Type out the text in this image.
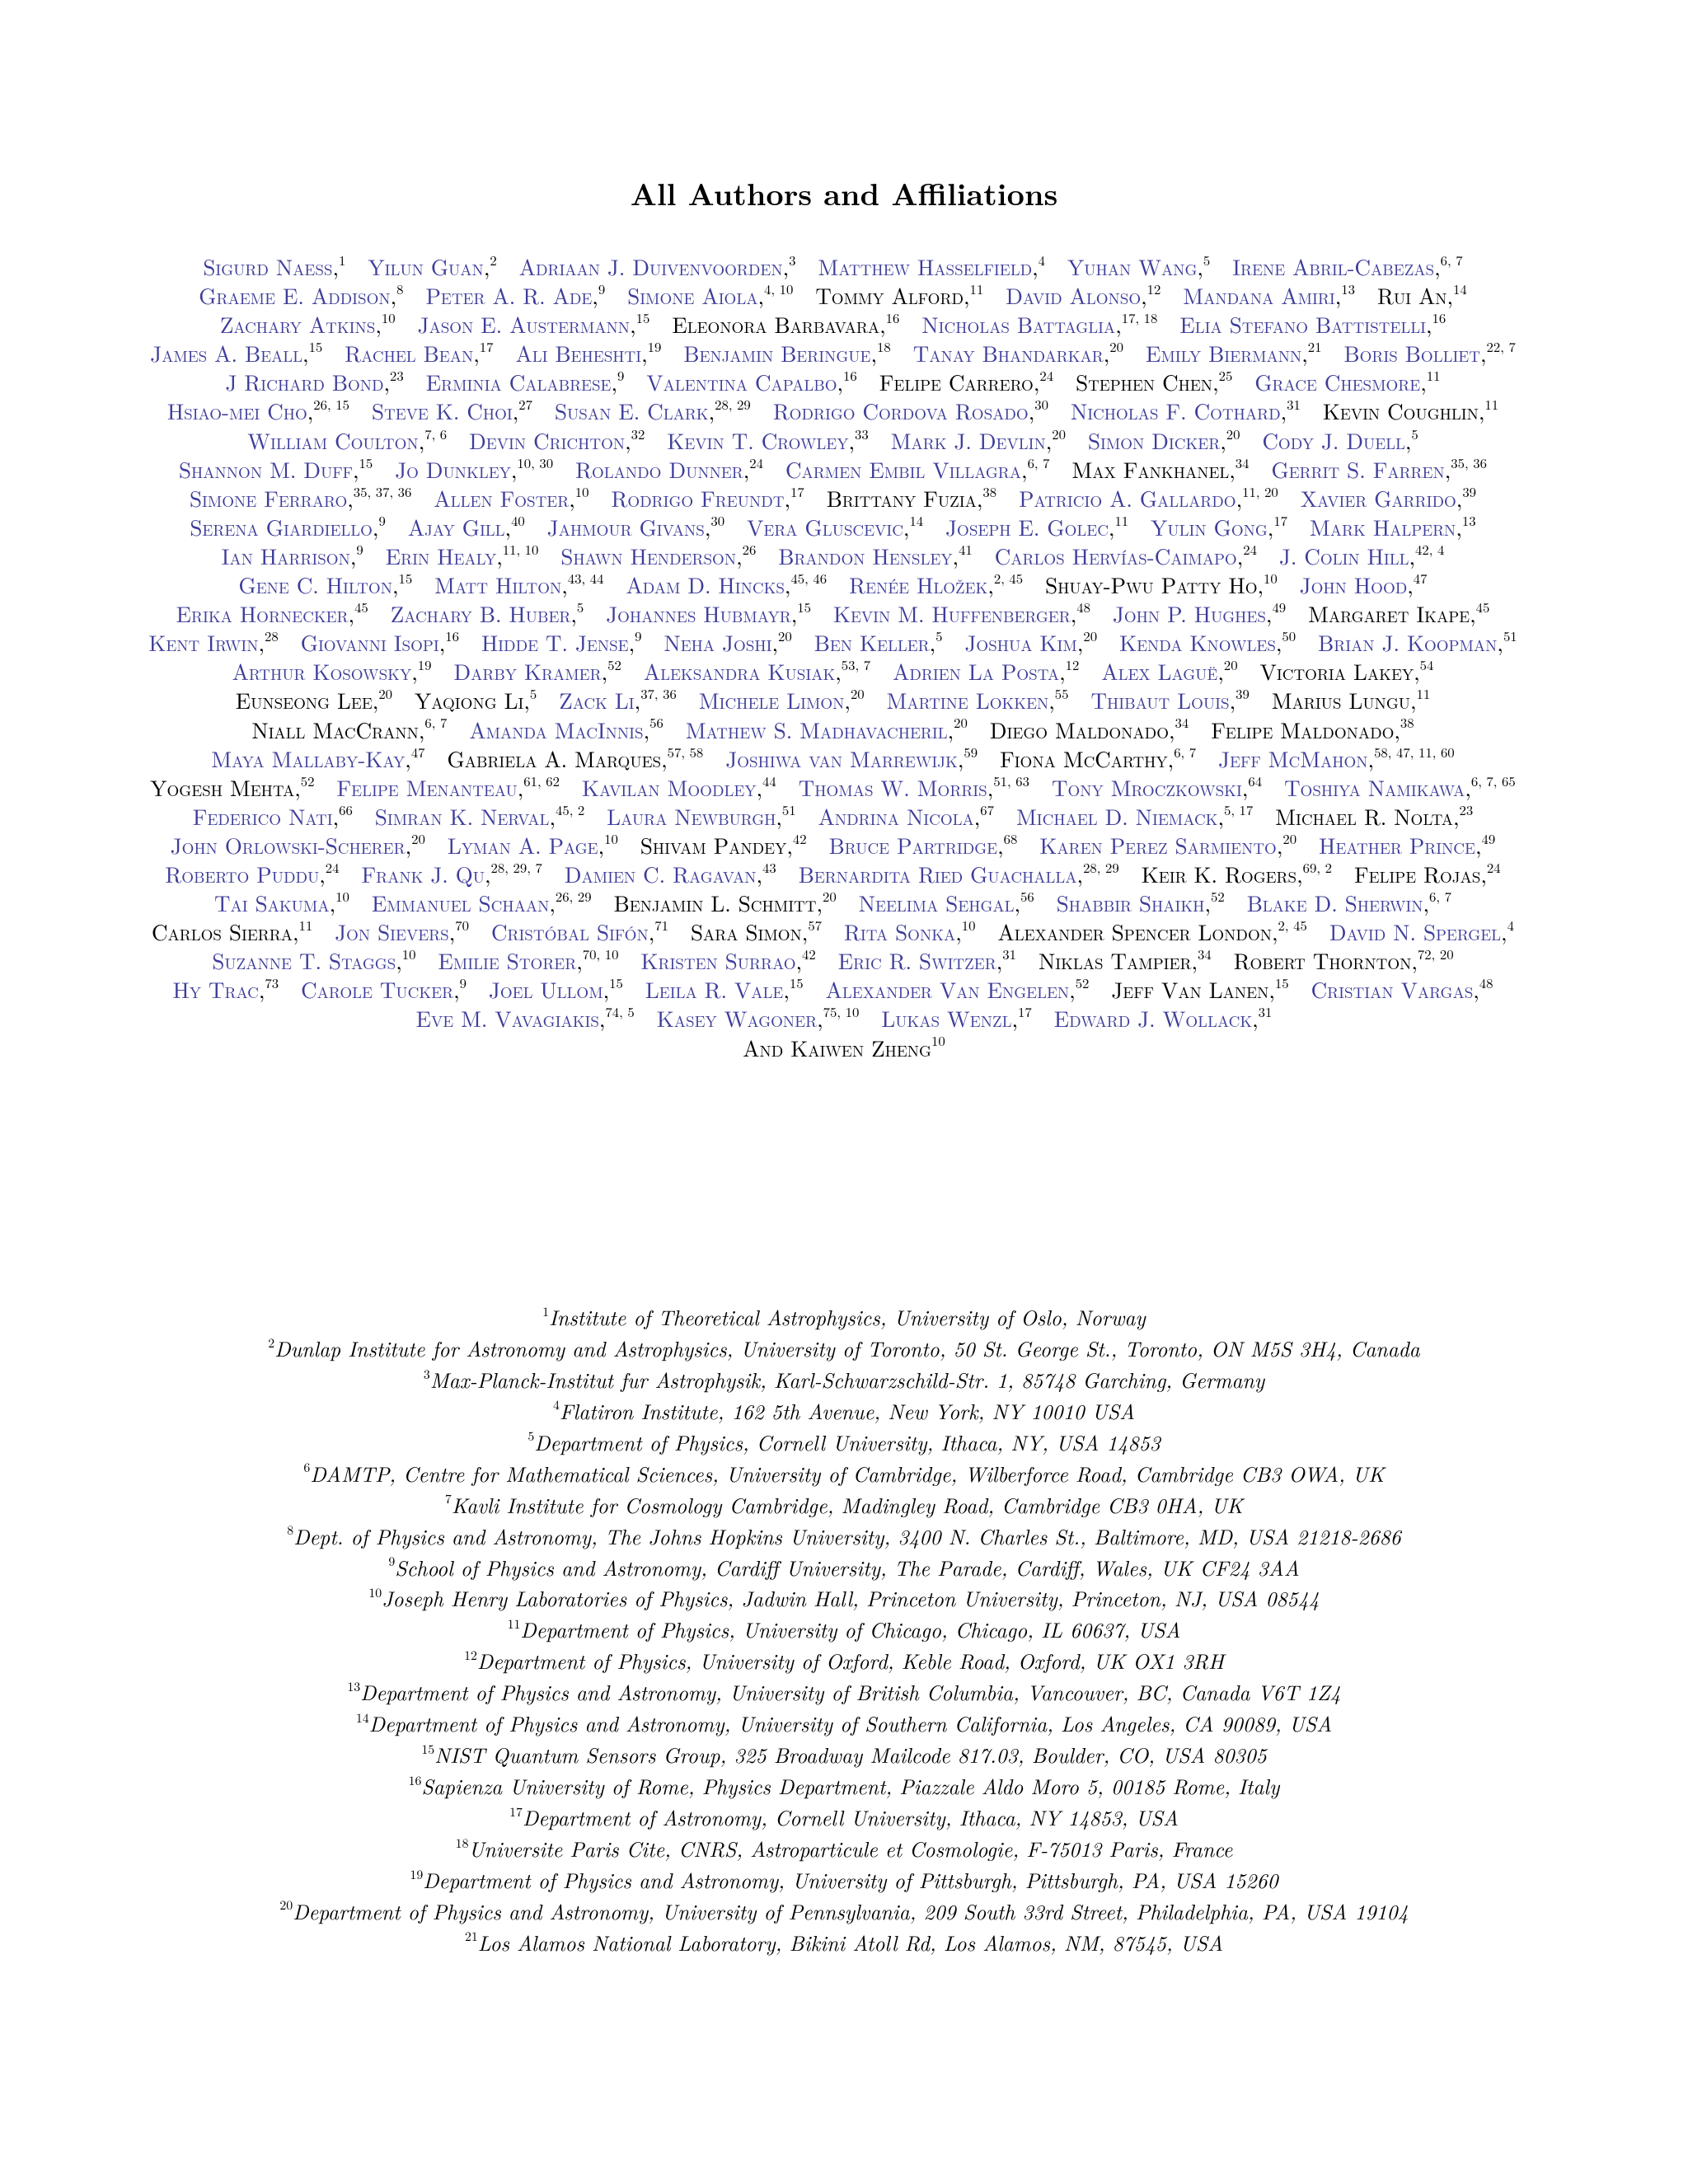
All Authors and Affiliations
Sigurd Naess,$^1$  Yilun Guan,$^2$  Adriaan J. Duivenvoorden,$^3$  Matthew Hasselfield,$^4$  Yuhan Wang,$^5$  Irene Abril-Cabezas,$^{6, 7}$ Graeme E. Addison,$^8$  Peter A. R. Ade,$^9$  Simone Aiola,$^{4, 10}$  Tommy Alford,$^{11}$  David Alonso,$^{12}$  Mandana Amiri,$^{13}$  Rui An,$^{14}$ Zachary Atkins,$^{10}$  Jason E. Austermann,$^{15}$  Eleonora Barbavara,$^{16}$  Nicholas Battaglia,$^{17, 18}$  Elia Stefano Battistelli,$^{16}$ James A. Beall,$^{15}$  Rachel Bean,$^{17}$  Ali Beheshti,$^{19}$  Benjamin Beringue,$^{18}$  Tanay Bhandarkar,$^{20}$  Emily Biermann,$^{21}$  Boris Bolliet,$^{22, 7}$ J Richard Bond,$^{23}$  Erminia Calabrese,$^9$  Valentina Capalbo,$^{16}$  Felipe Carrero,$^{24}$  Stephen Chen,$^{25}$  Grace Chesmore,$^{11}$ Hsiao-mei Cho,$^{26, 15}$  Steve K. Choi,$^{27}$  Susan E. Clark,$^{28, 29}$  Rodrigo Cordova Rosado,$^{30}$  Nicholas F. Cothard,$^{31}$  Kevin Coughlin,$^{11}$ William Coulton,$^{7, 6}$  Devin Crichton,$^{32}$  Kevin T. Crowley,$^{33}$  Mark J. Devlin,$^{20}$  Simon Dicker,$^{20}$  Cody J. Duell,$^5$ Shannon M. Duff,$^{15}$  Jo Dunkley,$^{10, 30}$  Rolando Dunner,$^{24}$  Carmen Embil Villagra,$^{6, 7}$  Max Fankhanel,$^{34}$  Gerrit S. Farren,$^{35, 36}$ Simone Ferraro,$^{35, 37, 36}$  Allen Foster,$^{10}$  Rodrigo Freundt,$^{17}$  Brittany Fuzia,$^{38}$  Patricio A. Gallardo,$^{11, 20}$  Xavier Garrido,$^{39}$ Serena Giardiello,$^9$  Ajay Gill,$^{40}$  Jahmour Givans,$^{30}$  Vera Gluscevic,$^{14}$  Joseph E. Golec,$^{11}$  Yulin Gong,$^{17}$  Mark Halpern,$^{13}$ Ian Harrison,$^9$  Erin Healy,$^{11, 10}$  Shawn Henderson,$^{26}$  Brandon Hensley,$^{41}$  Carlos Hervías-Caimapo,$^{24}$  J. Colin Hill,$^{42, 4}$ Gene C. Hilton,$^{15}$  Matt Hilton,$^{43, 44}$  Adam D. Hincks,$^{45, 46}$  Renée Hložek,$^{2, 45}$  Shuay-Pwu Patty Ho,$^{10}$  John Hood,$^{47}$ Erika Hornecker,$^{45}$  Zachary B. Huber,$^5$  Johannes Hubmayr,$^{15}$  Kevin M. Huffenberger,$^{48}$  John P. Hughes,$^{49}$  Margaret Ikape,$^{45}$ Kent Irwin,$^{28}$  Giovanni Isopi,$^{16}$  Hidde T. Jense,$^9$  Neha Joshi,$^{20}$  Ben Keller,$^5$  Joshua Kim,$^{20}$  Kenda Knowles,$^{50}$  Brian J. Koopman,$^{51}$ Arthur Kosowsky,$^{19}$  Darby Kramer,$^{52}$  Aleksandra Kusiak,$^{53, 7}$  Adrien La Posta,$^{12}$  Alex Laguë,$^{20}$  Victoria Lakey,$^{54}$ Eunseong Lee,$^{20}$  Yaqiong Li,$^5$  Zack Li,$^{37, 36}$  Michele Limon,$^{20}$  Martine Lokken,$^{55}$  Thibaut Louis,$^{39}$  Marius Lungu,$^{11}$ Niall MacCrann,$^{6, 7}$  Amanda MacInnis,$^{56}$  Mathew S. Madhavacheril,$^{20}$  Diego Maldonado,$^{34}$  Felipe Maldonado,$^{38}$ Maya Mallaby-Kay,$^{47}$  Gabriela A. Marques,$^{57, 58}$  Joshiwa van Marrewijk,$^{59}$  Fiona McCarthy,$^{6, 7}$  Jeff McMahon,$^{58, 47, 11, 60}$ Yogesh Mehta,$^{52}$  Felipe Menanteau,$^{61, 62}$  Kavilan Moodley,$^{44}$  Thomas W. Morris,$^{51, 63}$  Tony Mroczkowski,$^{64}$  Toshiya Namikawa,$^{6, 7, 65}$ Federico Nati,$^{66}$  Simran K. Nerval,$^{45, 2}$  Laura Newburgh,$^{51}$  Andrina Nicola,$^{67}$  Michael D. Niemack,$^{5, 17}$  Michael R. Nolta,$^{23}$ John Orlowski-Scherer,$^{20}$  Lyman A. Page,$^{10}$  Shivam Pandey,$^{42}$  Bruce Partridge,$^{68}$  Karen Perez Sarmiento,$^{20}$  Heather Prince,$^{49}$ Roberto Puddu,$^{24}$  Frank J. Qu,$^{28, 29, 7}$  Damien C. Ragavan,$^{43}$  Bernardita Ried Guachalla,$^{28, 29}$  Keir K. Rogers,$^{69, 2}$  Felipe Rojas,$^{24}$ Tai Sakuma,$^{10}$  Emmanuel Schaan,$^{26, 29}$  Benjamin L. Schmitt,$^{20}$  Neelima Sehgal,$^{56}$  Shabbir Shaikh,$^{52}$  Blake D. Sherwin,$^{6, 7}$ Carlos Sierra,$^{11}$  Jon Sievers,$^{70}$  Cristóbal Sifón,$^{71}$  Sara Simon,$^{57}$  Rita Sonka,$^{10}$  Alexander Spencer London,$^{2, 45}$  David N. Spergel,$^4$ Suzanne T. Staggs,$^{10}$  Emilie Storer,$^{70, 10}$  Kristen Surrao,$^{42}$  Eric R. Switzer,$^{31}$  Niklas Tampier,$^{34}$  Robert Thornton,$^{72, 20}$ Hy Trac,$^{73}$  Carole Tucker,$^9$  Joel Ullom,$^{15}$  Leila R. Vale,$^{15}$  Alexander Van Engelen,$^{52}$  Jeff Van Lanen,$^{15}$  Cristian Vargas,$^{48}$ Eve M. Vavagiakis,$^{74, 5}$  Kasey Wagoner,$^{75, 10}$  Lukas Wenzl,$^{17}$  Edward J. Wollack,$^{31}$
And Kaiwen Zheng$^{10}$
$^1$Institute of Theoretical Astrophysics, University of Oslo, Norway
$^2$Dunlap Institute for Astronomy and Astrophysics, University of Toronto, 50 St. George St., Toronto, ON M5S 3H4, Canada
$^3$Max-Planck-Institut fur Astrophysik, Karl-Schwarzschild-Str. 1, 85748 Garching, Germany
$^4$Flatiron Institute, 162 5th Avenue, New York, NY 10010 USA
$^5$Department of Physics, Cornell University, Ithaca, NY, USA 14853
$^6$DAMTP, Centre for Mathematical Sciences, University of Cambridge, Wilberforce Road, Cambridge CB3 OWA, UK
$^7$Kavli Institute for Cosmology Cambridge, Madingley Road, Cambridge CB3 0HA, UK
$^8$Dept. of Physics and Astronomy, The Johns Hopkins University, 3400 N. Charles St., Baltimore, MD, USA 21218-2686
$^9$School of Physics and Astronomy, Cardiff University, The Parade, Cardiff, Wales, UK CF24 3AA
$^{10}$Joseph Henry Laboratories of Physics, Jadwin Hall, Princeton University, Princeton, NJ, USA 08544
$^{11}$Department of Physics, University of Chicago, Chicago, IL 60637, USA
$^{12}$Department of Physics, University of Oxford, Keble Road, Oxford, UK OX1 3RH
$^{13}$Department of Physics and Astronomy, University of British Columbia, Vancouver, BC, Canada V6T 1Z4
$^{14}$Department of Physics and Astronomy, University of Southern California, Los Angeles, CA 90089, USA
$^{15}$NIST Quantum Sensors Group, 325 Broadway Mailcode 817.03, Boulder, CO, USA 80305
$^{16}$Sapienza University of Rome, Physics Department, Piazzale Aldo Moro 5, 00185 Rome, Italy
$^{17}$Department of Astronomy, Cornell University, Ithaca, NY 14853, USA
$^{18}$Universite Paris Cite, CNRS, Astroparticule et Cosmologie, F-75013 Paris, France
$^{19}$Department of Physics and Astronomy, University of Pittsburgh, Pittsburgh, PA, USA 15260
$^{20}$Department of Physics and Astronomy, University of Pennsylvania, 209 South 33rd Street, Philadelphia, PA, USA 19104
$^{21}$Los Alamos National Laboratory, Bikini Atoll Rd, Los Alamos, NM, 87545, USA
